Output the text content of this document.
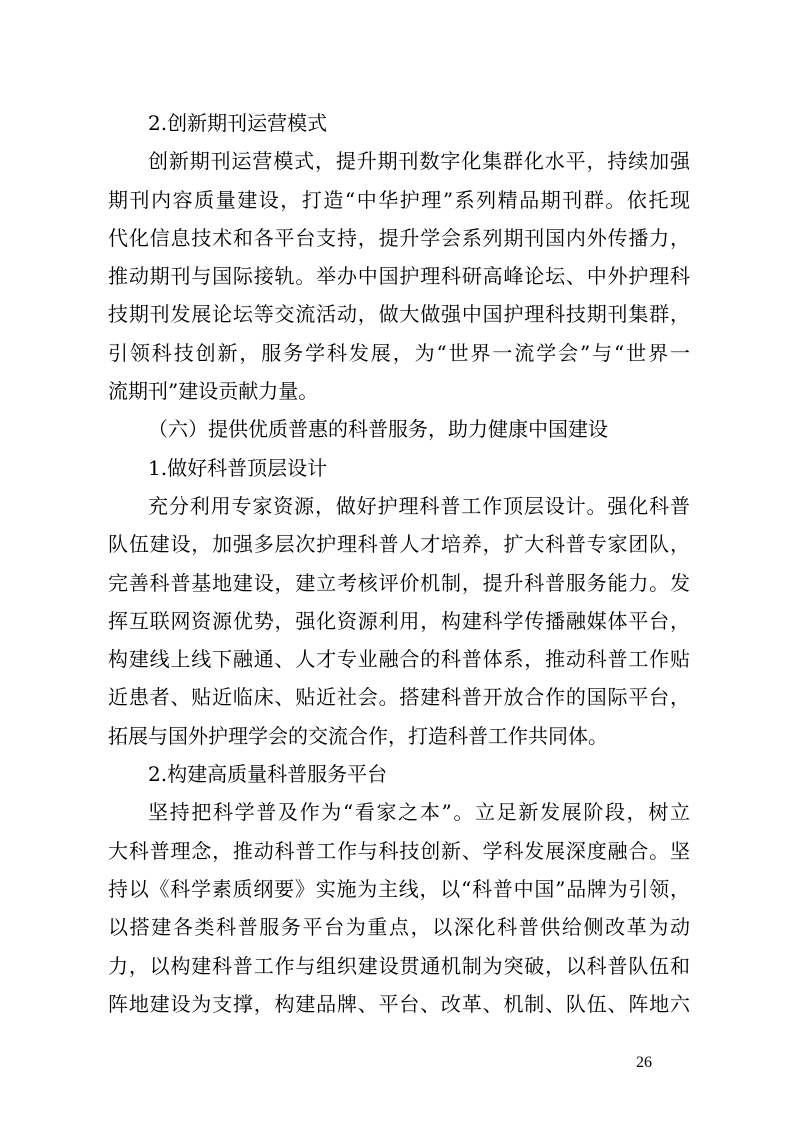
2.创新期刊运营模式
创新期刊运营模式，提升期刊数字化集群化水平，持续加强
期刊内容质量建设，打造“中华护理”系列精品期刊群。依托现
代化信息技术和各平台支持，提升学会系列期刊国内外传播力，
推动期刊与国际接轨。举办中国护理科研高峰论坛、中外护理科
技期刊发展论坛等交流活动，做大做强中国护理科技期刊集群，
引领科技创新，服务学科发展，为“世界一流学会”与“世界一
流期刊”建设贡献力量。
（六）提供优质普惠的科普服务，助力健康中国建设
1.做好科普顶层设计
充分利用专家资源，做好护理科普工作顶层设计。强化科普
队伍建设，加强多层次护理科普人才培养，扩大科普专家团队，
完善科普基地建设，建立考核评价机制，提升科普服务能力。发
挥互联网资源优势，强化资源利用，构建科学传播融媒体平台，
构建线上线下融通、人才专业融合的科普体系，推动科普工作贴
近患者、贴近临床、贴近社会。搭建科普开放合作的国际平台，
拓展与国外护理学会的交流合作，打造科普工作共同体。
2.构建高质量科普服务平台
坚持把科学普及作为“看家之本”。立足新发展阶段，树立
大科普理念，推动科普工作与科技创新、学科发展深度融合。坚
持以《科学素质纲要》实施为主线，以“科普中国”品牌为引领，
以搭建各类科普服务平台为重点，以深化科普供给侧改革为动
力，以构建科普工作与组织建设贯通机制为突破，以科普队伍和
阵地建设为支撑，构建品牌、平台、改革、机制、队伍、阵地六
26
